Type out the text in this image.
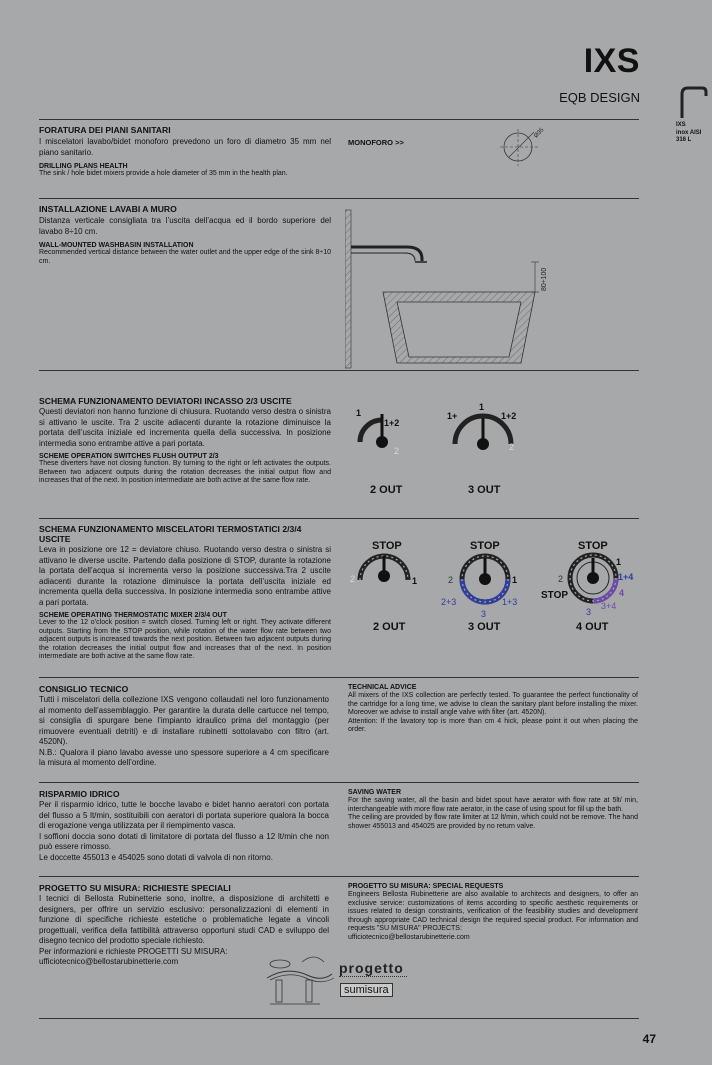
IXS
EQB DESIGN
IXS
inox AISI
316 L
FORATURA DEI PIANI SANITARI
I miscelatori lavabo/bidet monoforo prevedono un foro di diametro 35 mm nel piano sanitario.
DRILLING PLANS HEALTH
The sink / hole bidet mixers provide a hole diameter of 35 mm in the health plan.
MONOFORO >>
Ø35
INSTALLAZIONE LAVABI A MURO
Distanza verticale consigliata tra l’uscita dell’acqua ed il bordo superiore del lavabo 8÷10 cm.
WALL-MOUNTED WASHBASIN INSTALLATION
Recommended vertical distance between the water outlet and the upper edge of the sink 8÷10 cm.
80÷100
SCHEMA FUNZIONAMENTO DEVIATORI INCASSO 2/3 USCITE
Questi deviatori non hanno funzione di chiusura. Ruotando verso destra o sinistra si attivano le uscite. Tra 2 uscite adiacenti durante la rotazione diminuisce la portata dell’uscita iniziale ed incrementa quella della successiva. In posizione intermedia sono entrambe attive a pari portata.
SCHEME OPERATION SWITCHES FLUSH OUTPUT 2/3
These diverters have not closing function. By turning to the right or left activates the outputs. Between two adjacent outputs during the rotation decreases the initial output flow and increases that of the next. In position intermediate are both active at the same flow rate.
1
1+2
2
2 OUT
1
1+	1+2
2
3 OUT
SCHEMA FUNZIONAMENTO MISCELATORI TERMOSTATICI 2/3/4 USCITE
Leva in posizione ore 12 = deviatore chiuso. Ruotando verso destra o sinistra si attivano le diverse uscite. Partendo dalla posizione di STOP, durante la rotazione la portata dell’acqua si incrementa verso la posizione successiva.Tra 2 uscite adiacenti durante la rotazione diminuisce la portata dell’uscita iniziale ed incrementa quella della successiva. In posizione intermedia sono entrambe attive a pari portata.
SCHEME OPERATING THERMOSTATIC MIXER 2/3/4 OUT
Lever to the 12 o’clock position = switch closed. Turning left or right. They activate different outputs. Starting from the STOP position, while rotation of the water flow rate between two adjacent outputs is increased towards the next position. Between two adjacent outputs during the rotation decreases the initial output flow and increases that of the next. In position intermediate are both active at the same flow rate.
STOP
2	1
2 OUT
STOP
2	1
2+3
3
1+3
3 OUT
STOP
2
1
1+4
4
STOP
3+4
3
4 OUT
CONSIGLIO TECNICO
Tutti i miscelatori della collezione IXS vengono collaudati nel loro funzionamento al momento dell’assemblaggio. Per garantire la durata delle cartucce nel tempo, si consiglia di spurgare bene l’impianto idraulico prima del montaggio (per rimuovere eventuali detriti) e di installare rubinetti sottolavabo con filtro (art. 4520N).
N.B.: Qualora il piano lavabo avesse uno spessore superiore a 4 cm specificare la misura al momento dell’ordine.
TECHNICAL ADVICE
All mixers of the IXS collection are perfectly tested. To guarantee the perfect functionality of the cartridge for a long time, we advise to clean the sanitary plant before installing the mixer. Moreover we advise to install angle valve with filter (art. 4520N).
Attention: If the lavatory top is more than cm 4 hick, please point it out when placing the order.
RISPARMIO IDRICO
Per il risparmio idrico, tutte le bocche lavabo e bidet hanno aeratori con portata del flusso a 5 lt/min, sostituibili con aeratori di portata superiore qualora la bocca di erogazione venga utilizzata per il riempimento vasca.
I soffioni doccia sono dotati di limitatore di portata del flusso a 12 lt/min che non può essere rimosso.
Le doccette 455013 e 454025 sono dotati di valvola di non ritorno.
SAVING WATER
For the saving water, all the basin and bidet spout have aerator with flow rate at 5lt/ min, interchangeable with more flow rate aerator, in the case of using spout for fill up the bath.
The ceiling are provided by flow rate limiter at 12 lt/min, which could not be remove. The hand shower 455013 and 454025 are provided by no return valve.
PROGETTO SU MISURA: RICHIESTE SPECIALI
I tecnici di Bellosta Rubinetterie sono, inoltre, a disposizione di architetti e designers, per offrire un servizio esclusivo: personalizzazioni di elementi in funzione di specifiche richieste estetiche o problematiche legate a vincoli progettuali, verifica della fattibilità attraverso opportuni studi CAD e sviluppo del disegno tecnico del prodotto speciale richiesto.
Per informazioni e richieste PROGETTI SU MISURA:
ufficiotecnico@bellostarubinetterie.com
PROGETTO SU MISURA: SPECIAL REQUESTS
Engineers Bellosta Rubinetterie are also available to architects and designers, to offer an exclusive service: customizations of items according to specific aesthetic requirements or issues related to design constraints, verification of the feasibility studies and development through appropriate CAD technical design the required special product. For information and requests "SU MISURA" PROJECTS:
ufficiotecnico@bellostarubinetterie.com
progetto
sumisura
47
